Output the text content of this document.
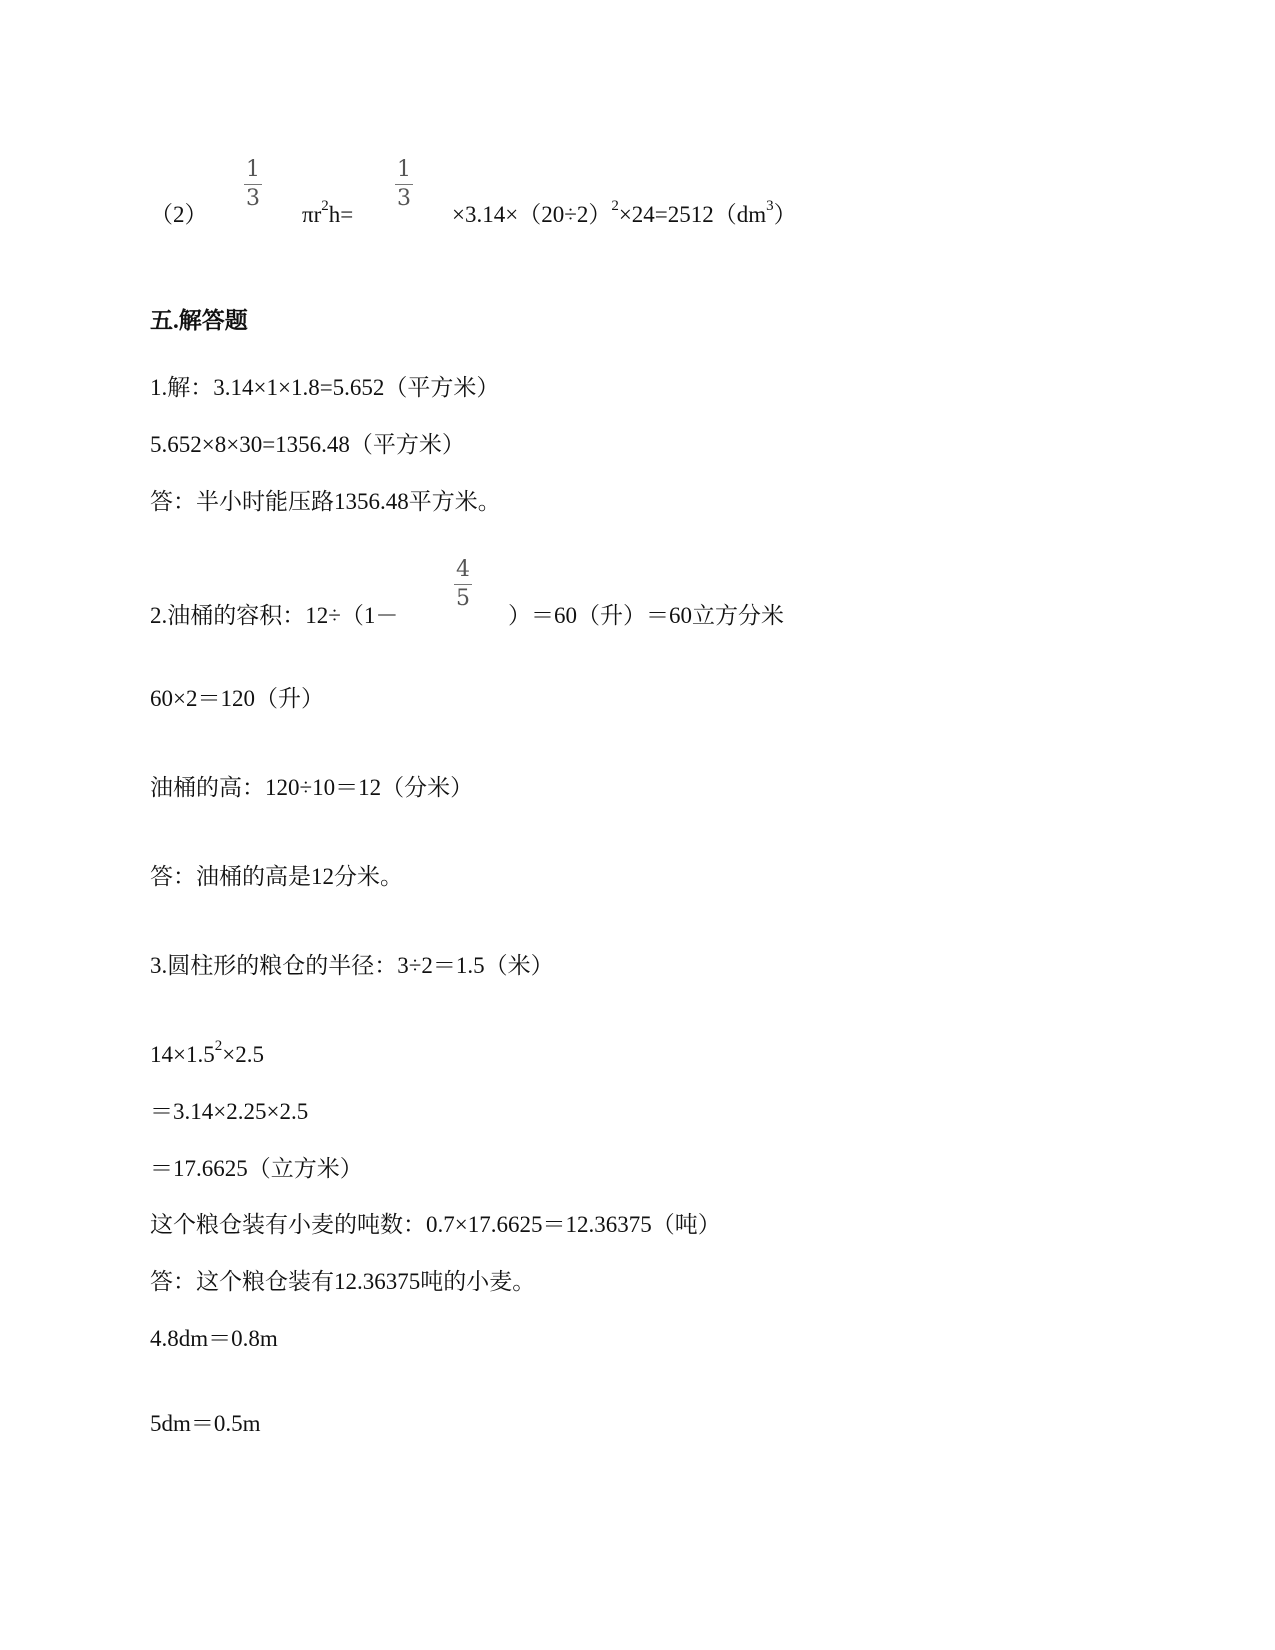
（2）
1
3
$\pi r^2h=$
1
3
$\times 3.14\times(20\div 2)^2\times 24=2512(dm^3)$
五.解答题
1.解：3.14×1×1.8=5.652（平方米）
5.652×8×30=1356.48（平方米）
答：半小时能压路1356.48平方米。
2.油桶的容积：12÷（1－
4
5
）＝60（升）＝60立方分米
60×2＝120（升）
油桶的高：120÷10＝12（分米）
答：油桶的高是12分米。
3.圆柱形的粮仓的半径：3÷2＝1.5（米）
$14\times 1.5^2\times 2.5$
＝3.14×2.25×2.5
＝17.6625（立方米）
这个粮仓装有小麦的吨数：0.7×17.6625＝12.36375（吨）
答：这个粮仓装有12.36375吨的小麦。
4.8dm＝0.8m
5dm＝0.5m
